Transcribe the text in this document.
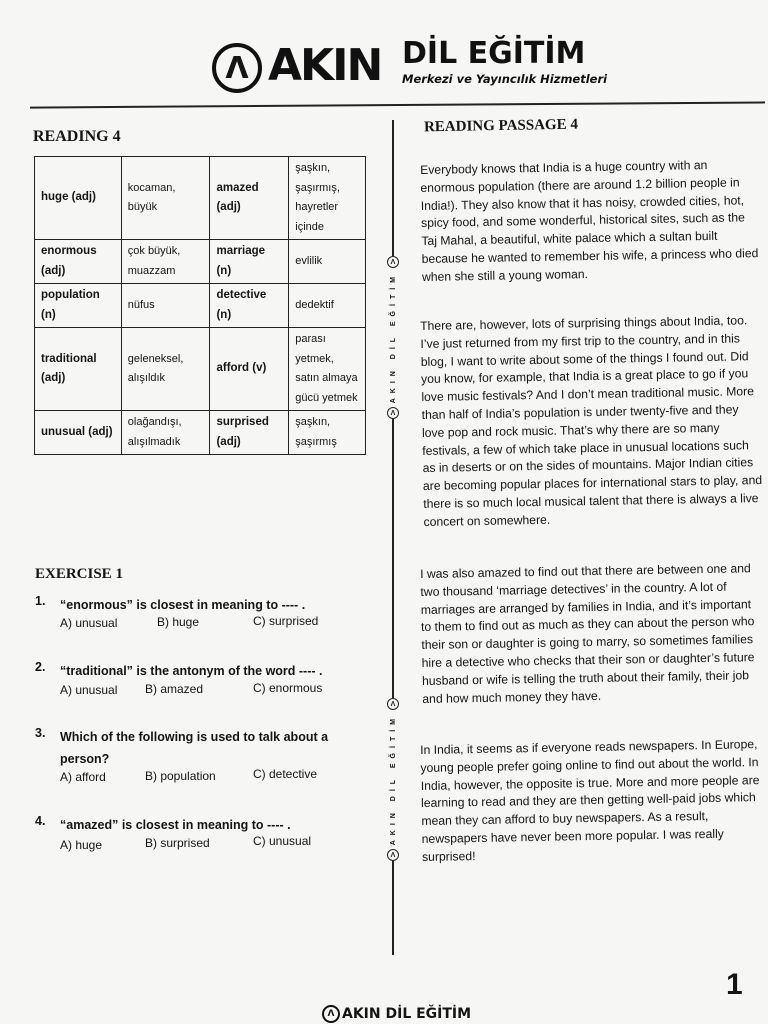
Λ AKIN DİL EĞİTİM
Merkezi ve Yayıncılık Hizmetleri
READING 4
huge (adj)	kocaman, büyük	amazed (adj)	şaşkın, şaşırmış, hayretler içinde
enormous (adj)	çok büyük, muazzam	marriage (n)	evlilik
population (n)	nüfus	detective (n)	dedektif
traditional (adj)	geleneksel, alışıldık	afford (v)	parası yetmek, satın almaya gücü yetmek
unusual (adj)	olağandışı, alışılmadık	surprised (adj)	şaşkın, şaşırmış
EXERCISE 1
1. “enormous” is closest in meaning to ---- .
A) unusual	B) huge	C) surprised
2. “traditional” is the antonym of the word ---- .
A) unusual B) amazed	C) enormous
3. Which of the following is used to talk about a person?
A) afford	B) population	C) detective
4. “amazed” is closest in meaning to ---- .
A) huge	B) surprised	C) unusual
Λ
AKIN DİL EĞİTİM
Λ
Λ
AKIN DİL EĞİTİM
Λ
READING PASSAGE 4
Everybody knows that India is a huge country with an enormous population (there are around 1.2 billion people in India!). They also know that it has noisy, crowded cities, hot, spicy food, and some wonderful, historical sites, such as the Taj Mahal, a beautiful, white palace which a sultan built because he wanted to remember his wife, a princess who died when she still a young woman.
There are, however, lots of surprising things about India, too. I’ve just returned from my first trip to the country, and in this blog, I want to write about some of the things I found out. Did you know, for example, that India is a great place to go if you love music festivals? And I don’t mean traditional music. More than half of India’s population is under twenty-five and they love pop and rock music. That’s why there are so many festivals, a few of which take place in unusual locations such as in deserts or on the sides of mountains. Major Indian cities are becoming popular places for international stars to play, and there is so much local musical talent that there is always a live concert on somewhere.
I was also amazed to find out that there are between one and two thousand ‘marriage detectives’ in the country. A lot of marriages are arranged by families in India, and it’s important to them to find out as much as they can about the person who their son or daughter is going to marry, so sometimes families hire a detective who checks that their son or daughter’s future husband or wife is telling the truth about their family, their job and how much money they have.
In India, it seems as if everyone reads newspapers. In Europe, young people prefer going online to find out about the world. In India, however, the opposite is true. More and more people are learning to read and they are then getting well-paid jobs which mean they can afford to buy newspapers. As a result, newspapers have never been more popular. I was really surprised!
1
Λ AKIN DİL EĞİTİM
